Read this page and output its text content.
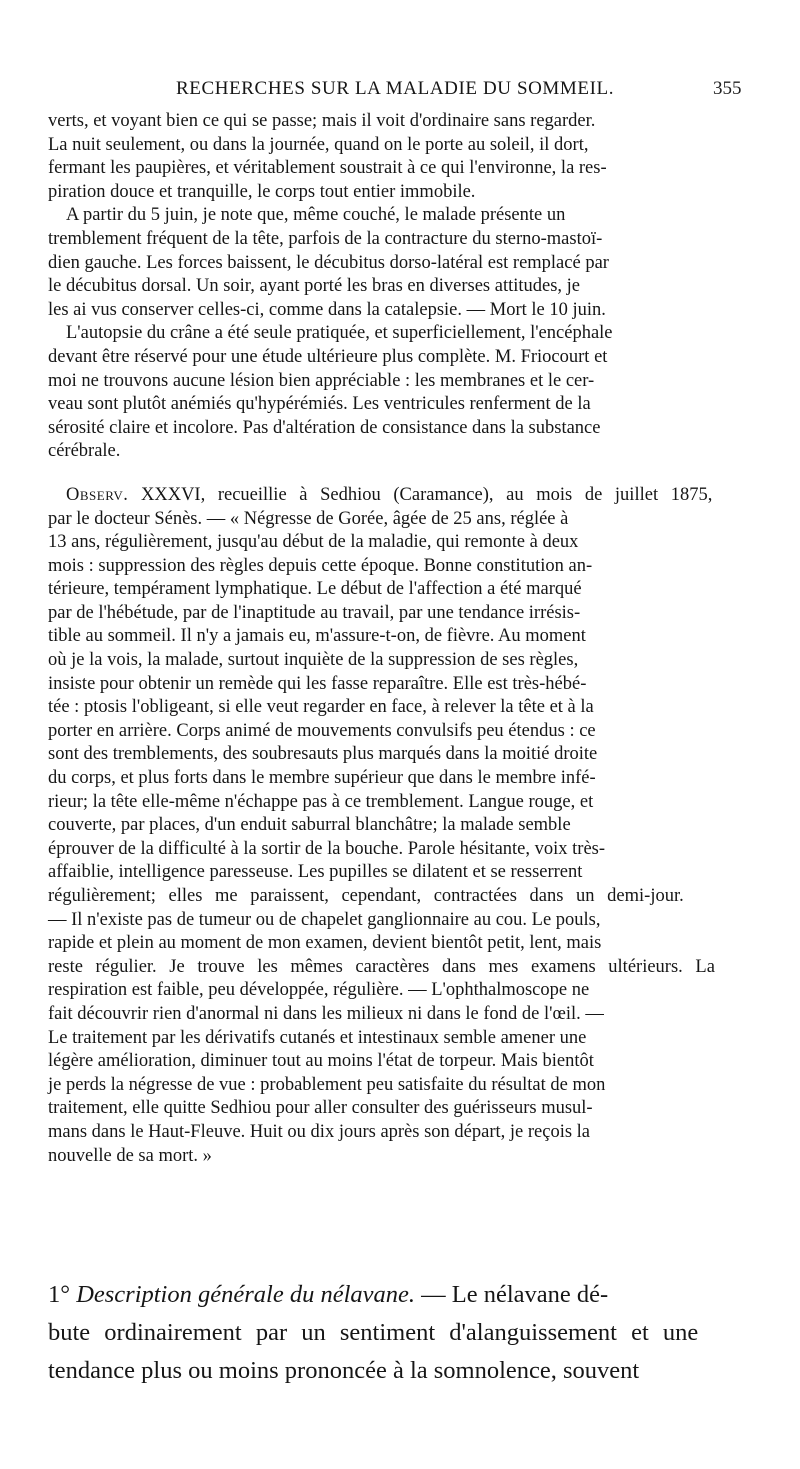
RECHERCHES SUR LA MALADIE DU SOMMEIL.	355
verts, et voyant bien ce qui se passe; mais il voit d'ordinaire sans regarder.
La nuit seulement, ou dans la journée, quand on le porte au soleil, il dort,
fermant les paupières, et véritablement soustrait à ce qui l'environne, la res-
piration douce et tranquille, le corps tout entier immobile.
A partir du 5 juin, je note que, même couché, le malade présente un
tremblement fréquent de la tête, parfois de la contracture du sterno-mastoï-
dien gauche. Les forces baissent, le décubitus dorso-latéral est remplacé par
le décubitus dorsal. Un soir, ayant porté les bras en diverses attitudes, je
les ai vus conserver celles-ci, comme dans la catalepsie. — Mort le 10 juin.
L'autopsie du crâne a été seule pratiquée, et superficiellement, l'encéphale
devant être réservé pour une étude ultérieure plus complète. M. Friocourt et
moi ne trouvons aucune lésion bien appréciable : les membranes et le cer-
veau sont plutôt anémiés qu'hypérémiés. Les ventricules renferment de la
sérosité claire et incolore. Pas d'altération de consistance dans la substance
cérébrale.
Observ. XXXVI, recueillie à Sedhiou (Caramance), au mois de juillet 1875,
par le docteur Sénès. — « Négresse de Gorée, âgée de 25 ans, réglée à
13 ans, régulièrement, jusqu'au début de la maladie, qui remonte à deux
mois : suppression des règles depuis cette époque. Bonne constitution an-
térieure, tempérament lymphatique. Le début de l'affection a été marqué
par de l'hébétude, par de l'inaptitude au travail, par une tendance irrésis-
tible au sommeil. Il n'y a jamais eu, m'assure-t-on, de fièvre. Au moment
où je la vois, la malade, surtout inquiète de la suppression de ses règles,
insiste pour obtenir un remède qui les fasse reparaître. Elle est très-hébé-
tée : ptosis l'obligeant, si elle veut regarder en face, à relever la tête et à la
porter en arrière. Corps animé de mouvements convulsifs peu étendus : ce
sont des tremblements, des soubresauts plus marqués dans la moitié droite
du corps, et plus forts dans le membre supérieur que dans le membre infé-
rieur; la tête elle-même n'échappe pas à ce tremblement. Langue rouge, et
couverte, par places, d'un enduit saburral blanchâtre; la malade semble
éprouver de la difficulté à la sortir de la bouche. Parole hésitante, voix très-
affaiblie, intelligence paresseuse. Les pupilles se dilatent et se resserrent
régulièrement; elles me paraissent, cependant, contractées dans un demi-jour.
— Il n'existe pas de tumeur ou de chapelet ganglionnaire au cou. Le pouls,
rapide et plein au moment de mon examen, devient bientôt petit, lent, mais
reste régulier. Je trouve les mêmes caractères dans mes examens ultérieurs. La
respiration est faible, peu développée, régulière. — L'ophthalmoscope ne
fait découvrir rien d'anormal ni dans les milieux ni dans le fond de l'œil. —
Le traitement par les dérivatifs cutanés et intestinaux semble amener une
légère amélioration, diminuer tout au moins l'état de torpeur. Mais bientôt
je perds la négresse de vue : probablement peu satisfaite du résultat de mon
traitement, elle quitte Sedhiou pour aller consulter des guérisseurs musul-
mans dans le Haut-Fleuve. Huit ou dix jours après son départ, je reçois la
nouvelle de sa mort. »
1° Description générale du nélavane. — Le nélavane dé-
bute ordinairement par un sentiment d'alanguissement et une
tendance plus ou moins prononcée à la somnolence, souvent
